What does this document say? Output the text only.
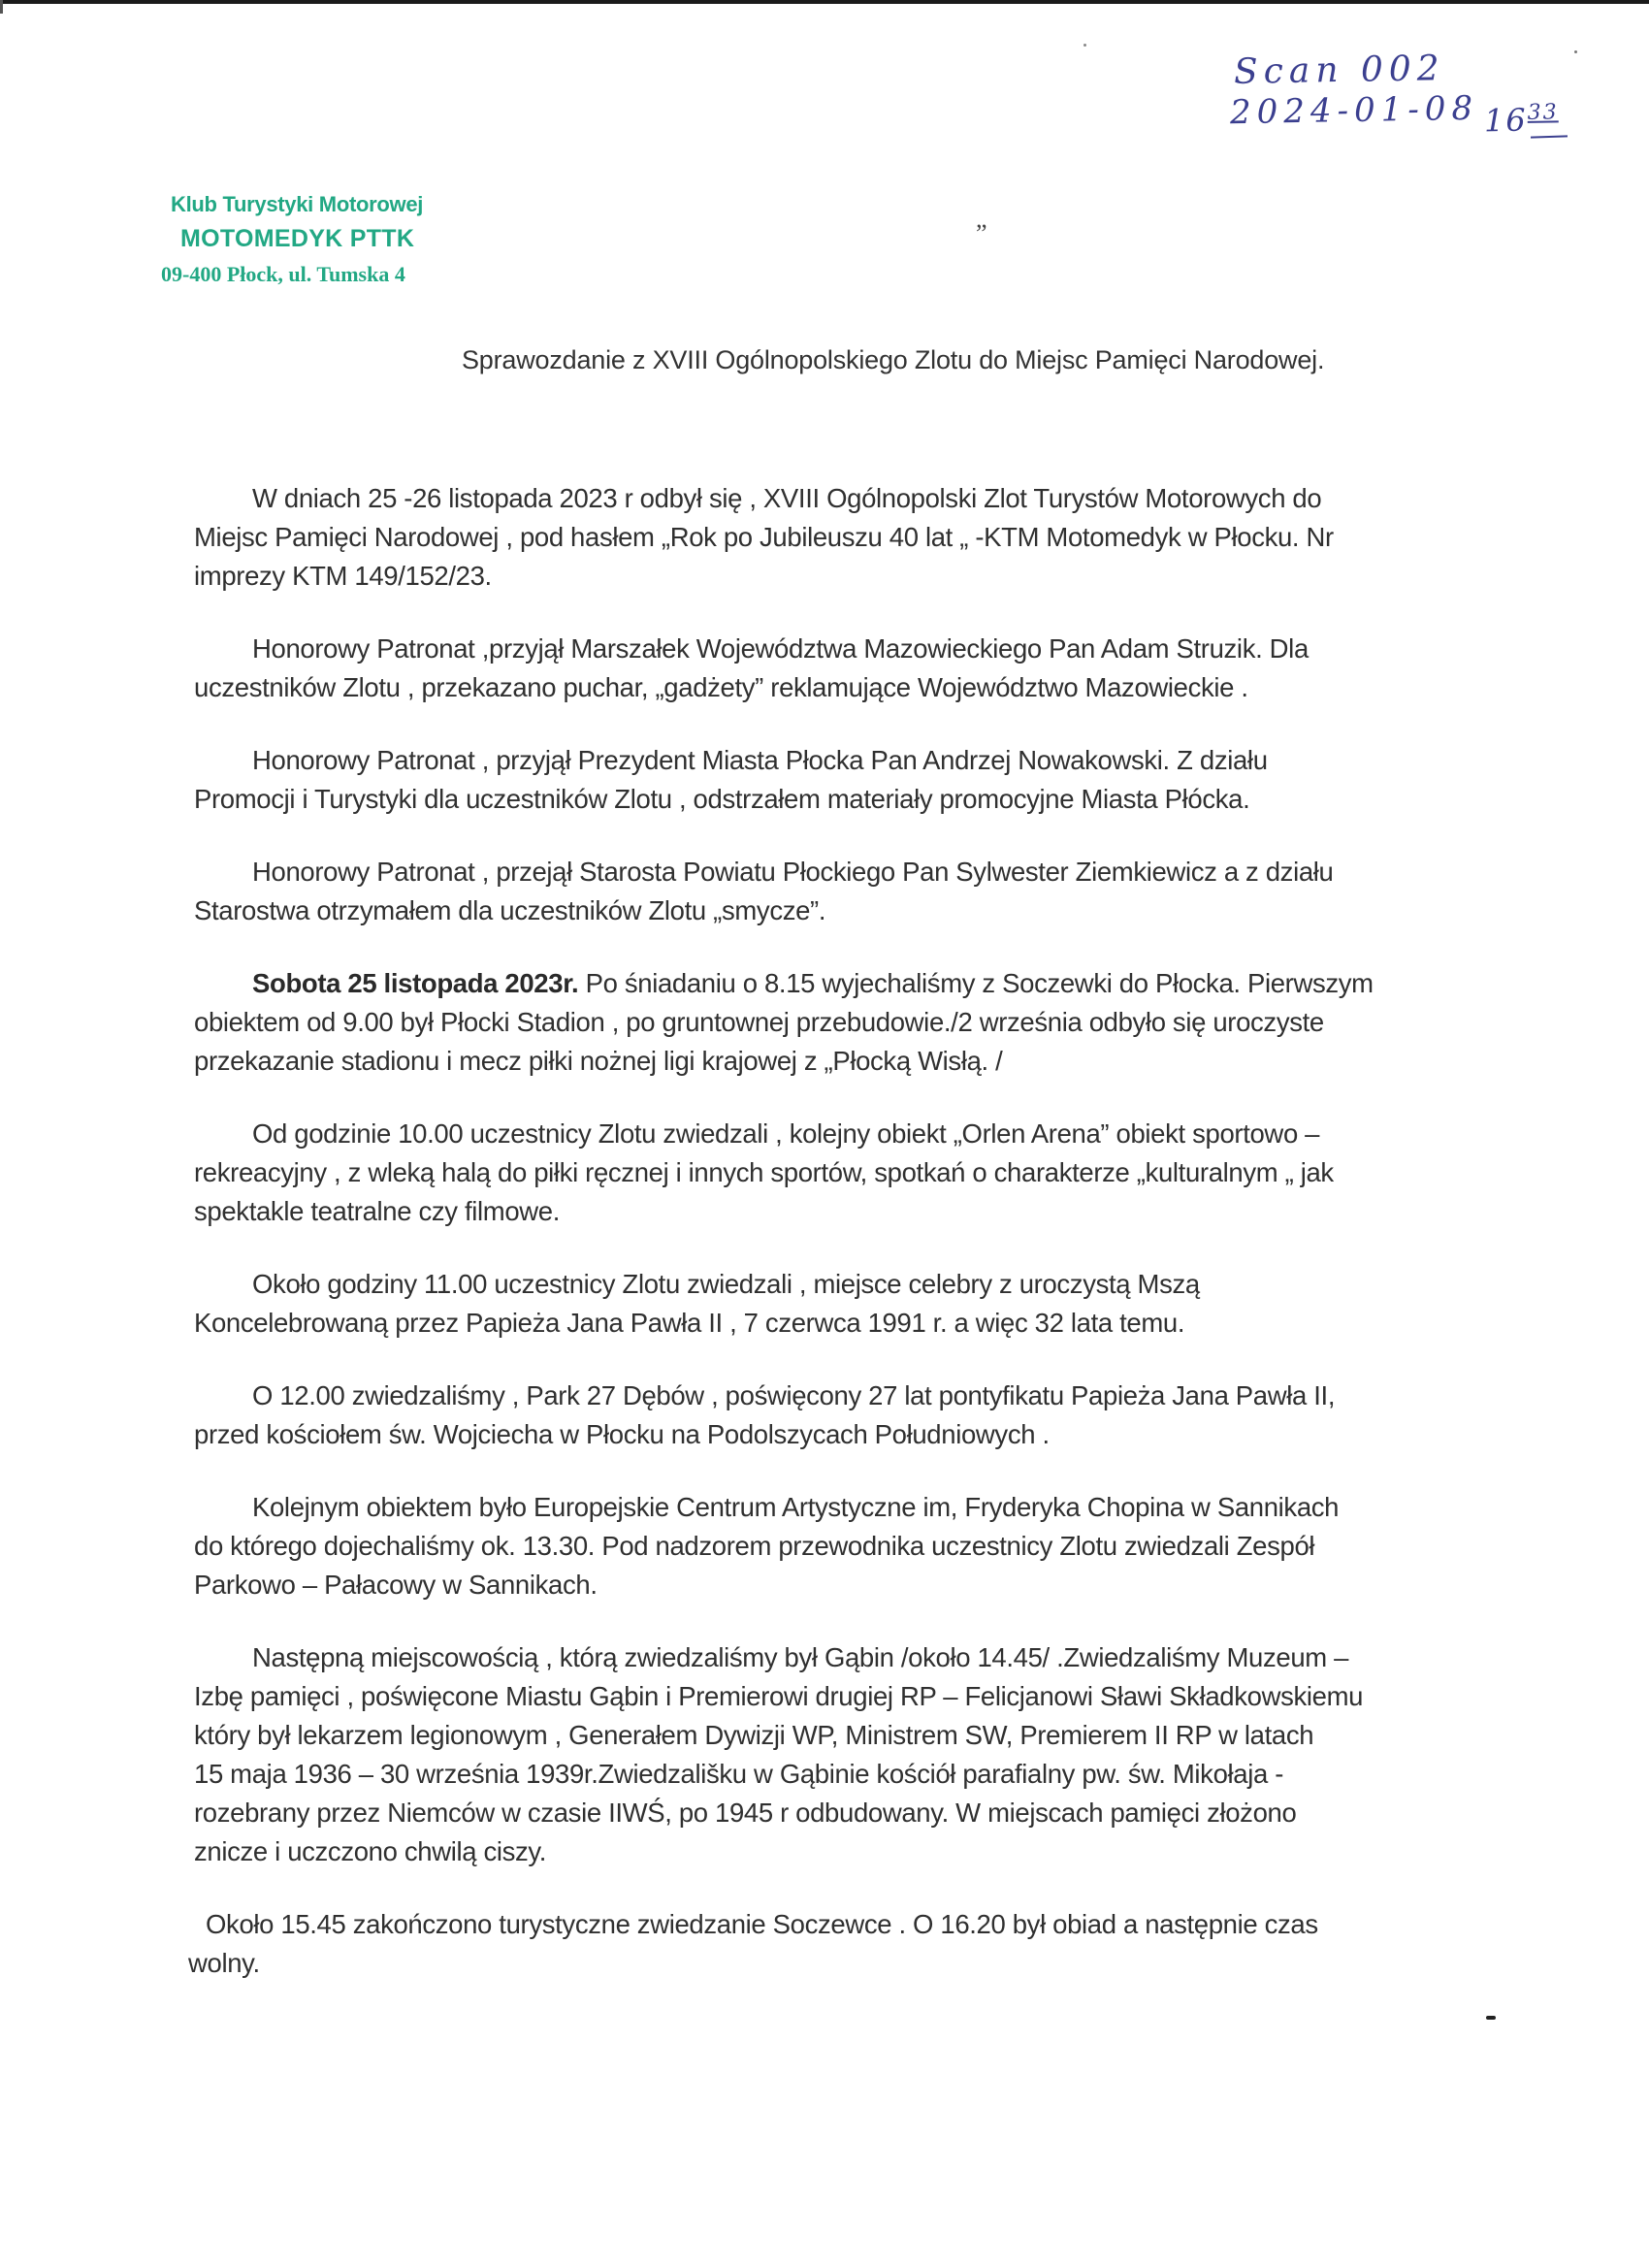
Scan 002
2024-01-08 $16^{33}$
Klub Turystyki Motorowej
MOTOMEDYK PTTK
09-400 Płock, ul. Tumska 4
”
Sprawozdanie z XVIII Ogólnopolskiego Zlotu do Miejsc Pamięci Narodowej.

W dniach 25 -26 listopada 2023 r odbył się , XVIII Ogólnopolski Zlot Turystów Motorowych do
Miejsc Pamięci Narodowej , pod hasłem „Rok po Jubileuszu 40 lat „ -KTM Motomedyk w Płocku. Nr
imprezy KTM 149/152/23.

Honorowy Patronat ,przyjął Marszałek Województwa Mazowieckiego Pan Adam Struzik. Dla
uczestników Zlotu , przekazano puchar, „gadżety” reklamujące Województwo Mazowieckie .

Honorowy Patronat , przyjął Prezydent Miasta Płocka Pan Andrzej Nowakowski. Z działu
Promocji i Turystyki dla uczestników Zlotu , odstrzałem materiały promocyjne Miasta Płócka.

Honorowy Patronat , przejął Starosta Powiatu Płockiego Pan Sylwester Ziemkiewicz a z działu
Starostwa otrzymałem dla uczestników Zlotu „smycze”.

Sobota 25 listopada 2023r. Po śniadaniu o 8.15 wyjechaliśmy z Soczewki do Płocka. Pierwszym
obiektem od 9.00 był Płocki Stadion , po gruntownej przebudowie./2 września odbyło się uroczyste
przekazanie stadionu i mecz piłki nożnej ligi krajowej z „Płocką Wisłą. /

Od godzinie 10.00 uczestnicy Zlotu zwiedzali , kolejny obiekt „Orlen Arena” obiekt sportowo –
rekreacyjny , z wleką halą do piłki ręcznej i innych sportów, spotkań o charakterze „kulturalnym „ jak
spektakle teatralne czy filmowe.

Około godziny 11.00 uczestnicy Zlotu zwiedzali , miejsce celebry z uroczystą Mszą
Koncelebrowaną przez Papieża Jana Pawła II , 7 czerwca 1991 r. a więc 32 lata temu.

O 12.00 zwiedzaliśmy , Park 27 Dębów , poświęcony 27 lat pontyfikatu Papieża Jana Pawła II,
przed kościołem św. Wojciecha w Płocku na Podolszycach Południowych .

Kolejnym obiektem było Europejskie Centrum Artystyczne im, Fryderyka Chopina w Sannikach
do którego dojechaliśmy ok. 13.30. Pod nadzorem przewodnika uczestnicy Zlotu zwiedzali Zespół
Parkowo – Pałacowy w Sannikach.

Następną miejscowością , którą zwiedzaliśmy był Gąbin /około 14.45/ .Zwiedzaliśmy Muzeum –
Izbę pamięci , poświęcone Miastu Gąbin i Premierowi drugiej RP – Felicjanowi Sławi Składkowskiemu
który był lekarzem legionowym , Generałem Dywizji WP, Ministrem SW, Premierem II RP w latach
15 maja 1936 – 30 września 1939r.Zwiedzališku w Gąbinie kościół parafialny pw. św. Mikołaja -
rozebrany przez Niemców w czasie IIWŚ, po 1945 r odbudowany. W miejscach pamięci złożono
znicze i uczczono chwilą ciszy.

Około 15.45 zakończono turystyczne zwiedzanie Soczewce . O 16.20 był obiad a następnie czas
wolny.
